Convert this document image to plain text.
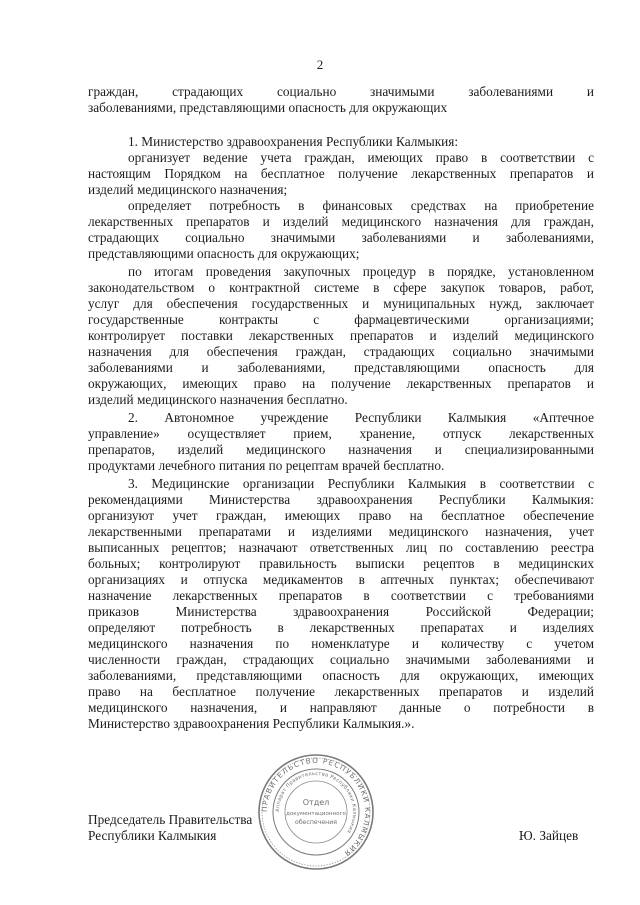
2
граждан, страдающих социально значимыми заболеваниями и
заболеваниями, представляющими опасность для окружающих
1. Министерство здравоохранения Республики Калмыкия:
организует ведение учета граждан, имеющих право в соответствии с
настоящим Порядком на бесплатное получение лекарственных препаратов и
изделий медицинского назначения;
определяет потребность в финансовых средствах на приобретение
лекарственных препаратов и изделий медицинского назначения для граждан,
страдающих социально значимыми заболеваниями и заболеваниями,
представляющими опасность для окружающих;
по итогам проведения закупочных процедур в порядке, установленном
законодательством о контрактной системе в сфере закупок товаров, работ,
услуг для обеспечения государственных и муниципальных нужд, заключает
государственные контракты с фармацевтическими организациями;
контролирует поставки лекарственных препаратов и изделий медицинского
назначения для обеспечения граждан, страдающих социально значимыми
заболеваниями и заболеваниями, представляющими опасность для
окружающих, имеющих право на получение лекарственных препаратов и
изделий медицинского назначения бесплатно.
2. Автономное учреждение Республики Калмыкия «Аптечное
управление» осуществляет прием, хранение, отпуск лекарственных
препаратов, изделий медицинского назначения и специализированными
продуктами лечебного питания по рецептам врачей бесплатно.
3. Медицинские организации Республики Калмыкия в соответствии с
рекомендациями Министерства здравоохранения Республики Калмыкия:
организуют учет граждан, имеющих право на бесплатное обеспечение
лекарственными препаратами и изделиями медицинского назначения, учет
выписанных рецептов; назначают ответственных лиц по составлению реестра
больных; контролируют правильность выписки рецептов в медицинских
организациях и отпуска медикаментов в аптечных пунктах; обеспечивают
назначение лекарственных препаратов в соответствии с требованиями
приказов Министерства здравоохранения Российской Федерации;
определяют потребность в лекарственных препаратах и изделиях
медицинского назначения по номенклатуре и количеству с учетом
численности граждан, страдающих социально значимыми заболеваниями и
заболеваниями, представляющими опасность для окружающих, имеющих
право на бесплатное получение лекарственных препаратов и изделий
медицинского назначения, и направляют данные о потребности в
Министерство здравоохранения Республики Калмыкия.».
Председатель Правительства
Республики Калмыкия	Ю. Зайцев
ПРАВИТЕЛЬСТВО РЕСПУБЛИКИ КАЛМЫКИЯ
Аппарат Правительства Республики Калмыкия
Отдел
документационного
обеспечения
